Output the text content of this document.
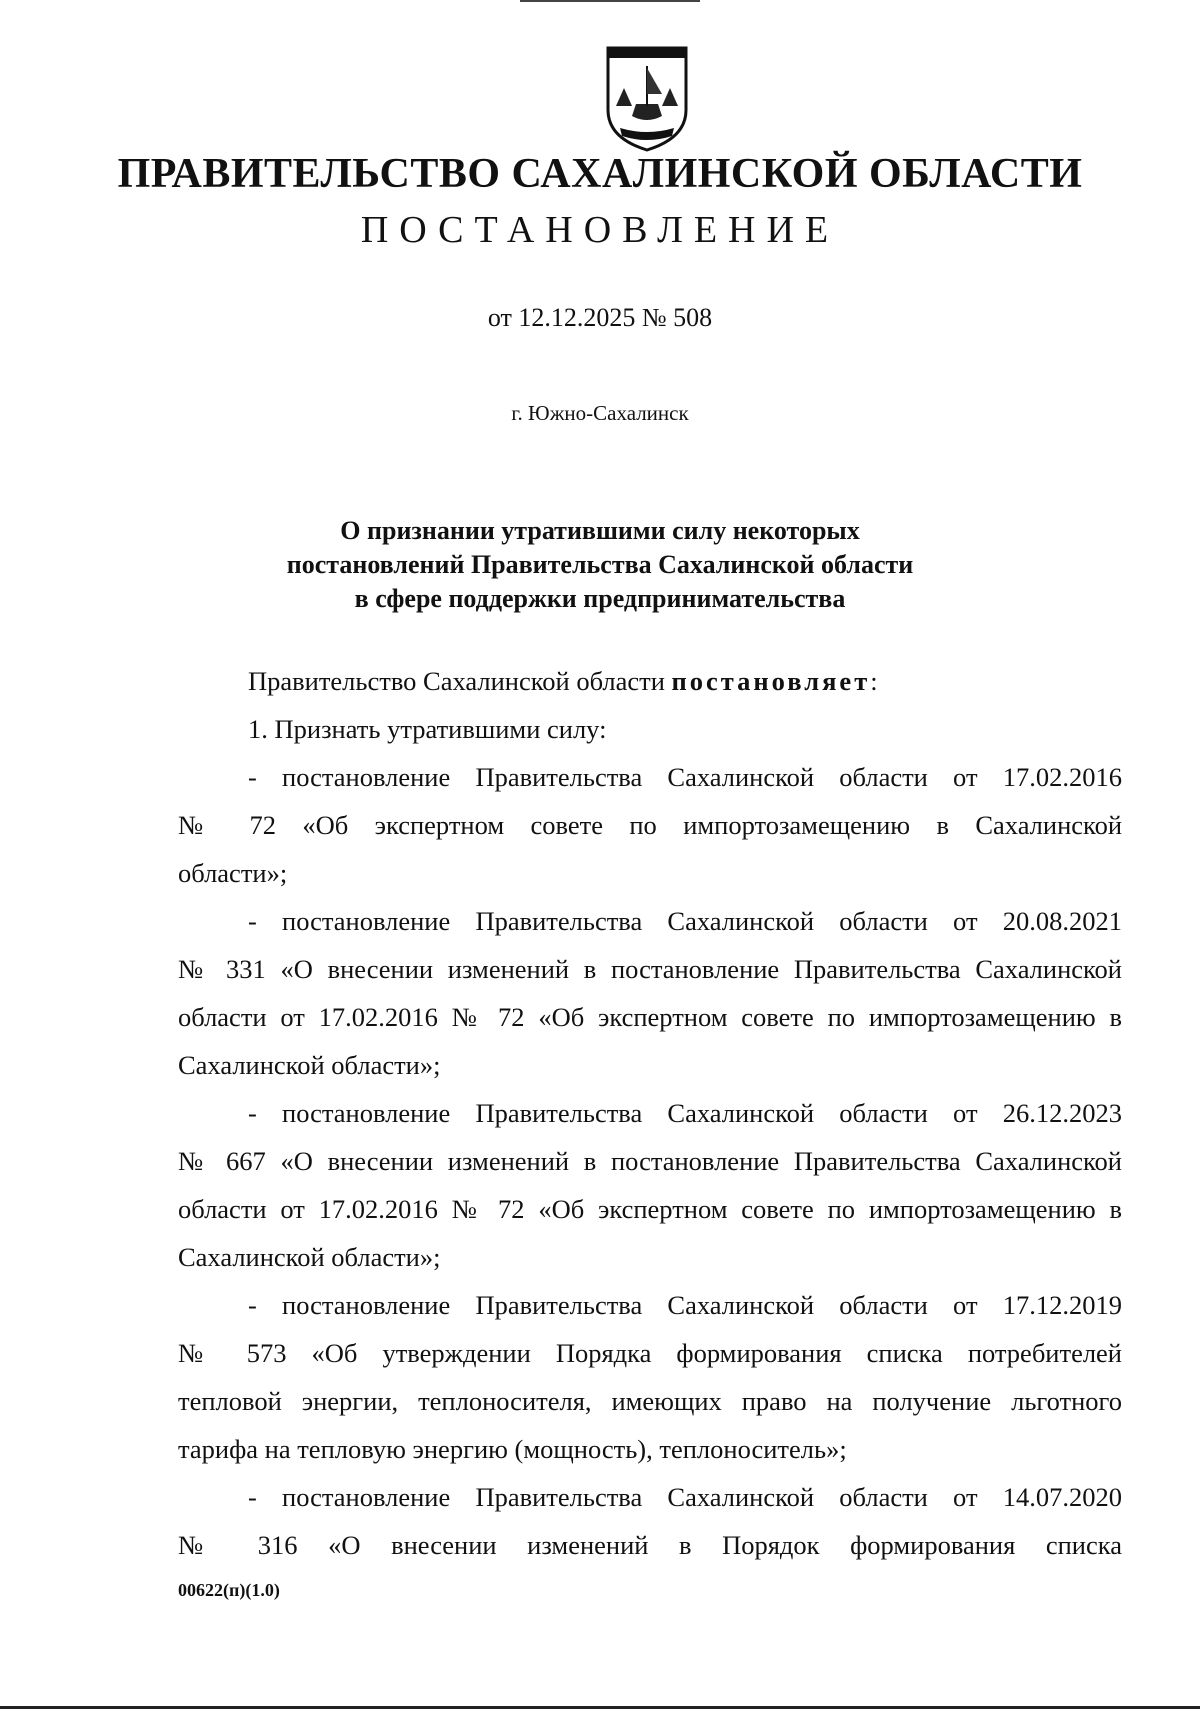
ПРАВИТЕЛЬСТВО САХАЛИНСКОЙ ОБЛАСТИ
ПОСТАНОВЛЕНИЕ
от 12.12.2025 № 508
г. Южно-Сахалинск
О признании утратившими силу некоторых
постановлений Правительства Сахалинской области
в сфере поддержки предпринимательства
Правительство Сахалинской области постановляет:
1. Признать утратившими силу:
- постановление Правительства Сахалинской области от 17.02.2016
№ 72 «Об экспертном совете по импортозамещению в Сахалинской
области»;
- постановление Правительства Сахалинской области от 20.08.2021
№ 331 «О внесении изменений в постановление Правительства Сахалинской
области от 17.02.2016 № 72 «Об экспертном совете по импортозамещению в
Сахалинской области»;
- постановление Правительства Сахалинской области от 26.12.2023
№ 667 «О внесении изменений в постановление Правительства Сахалинской
области от 17.02.2016 № 72 «Об экспертном совете по импортозамещению в
Сахалинской области»;
- постановление Правительства Сахалинской области от 17.12.2019
№ 573 «Об утверждении Порядка формирования списка потребителей
тепловой энергии, теплоносителя, имеющих право на получение льготного
тарифа на тепловую энергию (мощность), теплоноситель»;
- постановление Правительства Сахалинской области от 14.07.2020
№ 316 «О внесении изменений в Порядок формирования списка
00622(п)(1.0)
